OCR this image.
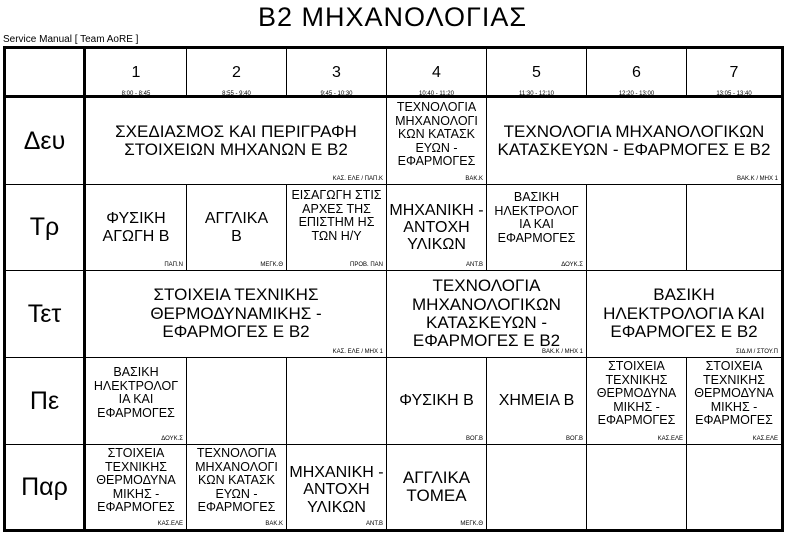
Β2 ΜΗΧΑΝΟΛΟΓΙΑΣ
Service Manual [ Team AoRE ]
1
8:00 - 8:45
2
8:55 - 9:40
3
9:45 - 10:30
4
10:40 - 11:20
5
11:30 - 12:10
6
12:20 - 13:00
7
13:05 - 13:40
Δευ
Τρ
Τετ
Πε
Παρ
ΣΧΕΔΙΑΣΜΟΣ ΚΑΙ ΠΕΡΙΓΡΑΦΗ ΣΤΟΙΧΕΙΩΝ ΜΗΧΑΝΩΝ Ε Β2
ΚΑΣ. ΕΛΕ / ΠΑΠ.Κ
ΤΕΧΝΟΛΟΓΙΑ ΜΗΧΑΝΟΛΟΓΙ ΚΩΝ ΚΑΤΑΣΚ ΕΥΩΝ - ΕΦΑΡΜΟΓΕΣ
ΒΑΚ.Κ
ΤΕΧΝΟΛΟΓΙΑ ΜΗΧΑΝΟΛΟΓΙΚΩΝ ΚΑΤΑΣΚΕΥΩΝ - ΕΦΑΡΜΟΓΕΣ Ε Β2
ΒΑΚ.Κ / ΜΗΧ 1
ΦΥΣΙΚΗ ΑΓΩΓΗ Β
ΠΑΠ.Ν
ΑΓΓΛΙΚΑ Β
ΜΕΓΚ.Θ
ΕΙΣΑΓΩΓΗ ΣΤΙΣ ΑΡΧΕΣ ΤΗΣ ΕΠΙΣΤΗΜ ΗΣ ΤΩΝ Η/Υ
ΠΡΟΒ. ΠΑΝ
ΜΗΧΑΝΙΚΗ - ΑΝΤΟΧΗ ΥΛΙΚΩΝ
ΑΝΤ.Β
ΒΑΣΙΚΗ ΗΛΕΚΤΡΟΛΟΓ ΙΑ ΚΑΙ ΕΦΑΡΜΟΓΕΣ
ΔΟΥΚ.Σ
ΣΤΟΙΧΕΙΑ ΤΕΧΝΙΚΗΣ ΘΕΡΜΟΔΥΝΑΜΙΚΗΣ - ΕΦΑΡΜΟΓΕΣ Ε Β2
ΚΑΣ. ΕΛΕ / ΜΗΧ 1
ΤΕΧΝΟΛΟΓΙΑ ΜΗΧΑΝΟΛΟΓΙΚΩΝ ΚΑΤΑΣΚΕΥΩΝ - ΕΦΑΡΜΟΓΕΣ Ε Β2
ΒΑΚ.Κ / ΜΗΧ 1
ΒΑΣΙΚΗ ΗΛΕΚΤΡΟΛΟΓΙΑ ΚΑΙ ΕΦΑΡΜΟΓΕΣ Ε Β2
ΣΙΔ.Μ / ΣΤΟΥ.Π
ΒΑΣΙΚΗ ΗΛΕΚΤΡΟΛΟΓ ΙΑ ΚΑΙ ΕΦΑΡΜΟΓΕΣ
ΔΟΥΚ.Σ
ΦΥΣΙΚΗ Β
ΒΟΓ.Β
ΧΗΜΕΙΑ Β
ΒΟΓ.Β
ΣΤΟΙΧΕΙΑ ΤΕΧΝΙΚΗΣ ΘΕΡΜΟΔΥΝΑ ΜΙΚΗΣ - ΕΦΑΡΜΟΓΕΣ
ΚΑΣ.ΕΛΕ
ΣΤΟΙΧΕΙΑ ΤΕΧΝΙΚΗΣ ΘΕΡΜΟΔΥΝΑ ΜΙΚΗΣ - ΕΦΑΡΜΟΓΕΣ
ΚΑΣ.ΕΛΕ
ΣΤΟΙΧΕΙΑ ΤΕΧΝΙΚΗΣ ΘΕΡΜΟΔΥΝΑ ΜΙΚΗΣ - ΕΦΑΡΜΟΓΕΣ
ΚΑΣ.ΕΛΕ
ΤΕΧΝΟΛΟΓΙΑ ΜΗΧΑΝΟΛΟΓΙ ΚΩΝ ΚΑΤΑΣΚ ΕΥΩΝ - ΕΦΑΡΜΟΓΕΣ
ΒΑΚ.Κ
ΜΗΧΑΝΙΚΗ - ΑΝΤΟΧΗ ΥΛΙΚΩΝ
ΑΝΤ.Β
ΑΓΓΛΙΚΑ ΤΟΜΕΑ
ΜΕΓΚ.Θ
